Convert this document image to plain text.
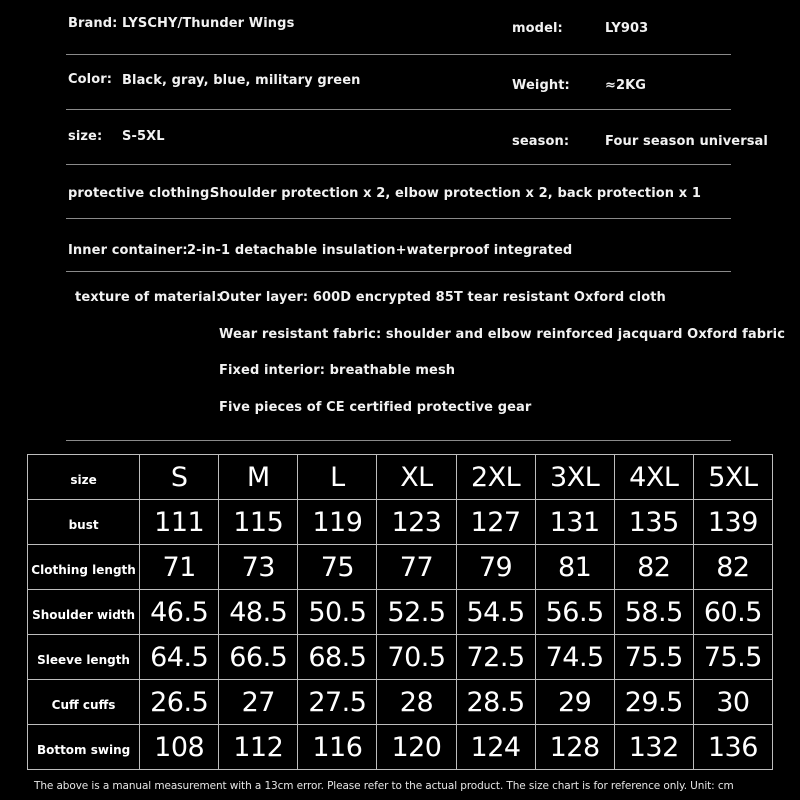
Brand: LYSCHY/Thunder Wings	model:	LY903
Color: Black, gray, blue, military green	Weight:	≈2KG
size: S-5XL	season:	Four season universal
protective clothing:
Shoulder protection x 2, elbow protection x 2, back protection x 1
Inner container: 2-in-1 detachable insulation+waterproof integrated
texture of material:
Outer layer: 600D encrypted 85T tear resistant Oxford cloth
Wear resistant fabric: shoulder and elbow reinforced jacquard Oxford fabric
Fixed interior: breathable mesh
Five pieces of CE certified protective gear
size	S	M	L	XL	2XL	3XL	4XL	5XL
bust	111	115	119	123	127	131	135	139
Clothing length	71	73	75	77	79	81	82	82
Shoulder width	46.5	48.5	50.5	52.5	54.5	56.5	58.5	60.5
Sleeve length	64.5	66.5	68.5	70.5	72.5	74.5	75.5	75.5
Cuff cuffs	26.5	27	27.5	28	28.5	29	29.5	30
Bottom swing	108	112	116	120	124	128	132	136
The above is a manual measurement with a 13cm error. Please refer to the actual product. The size chart is for reference only. Unit: cm
